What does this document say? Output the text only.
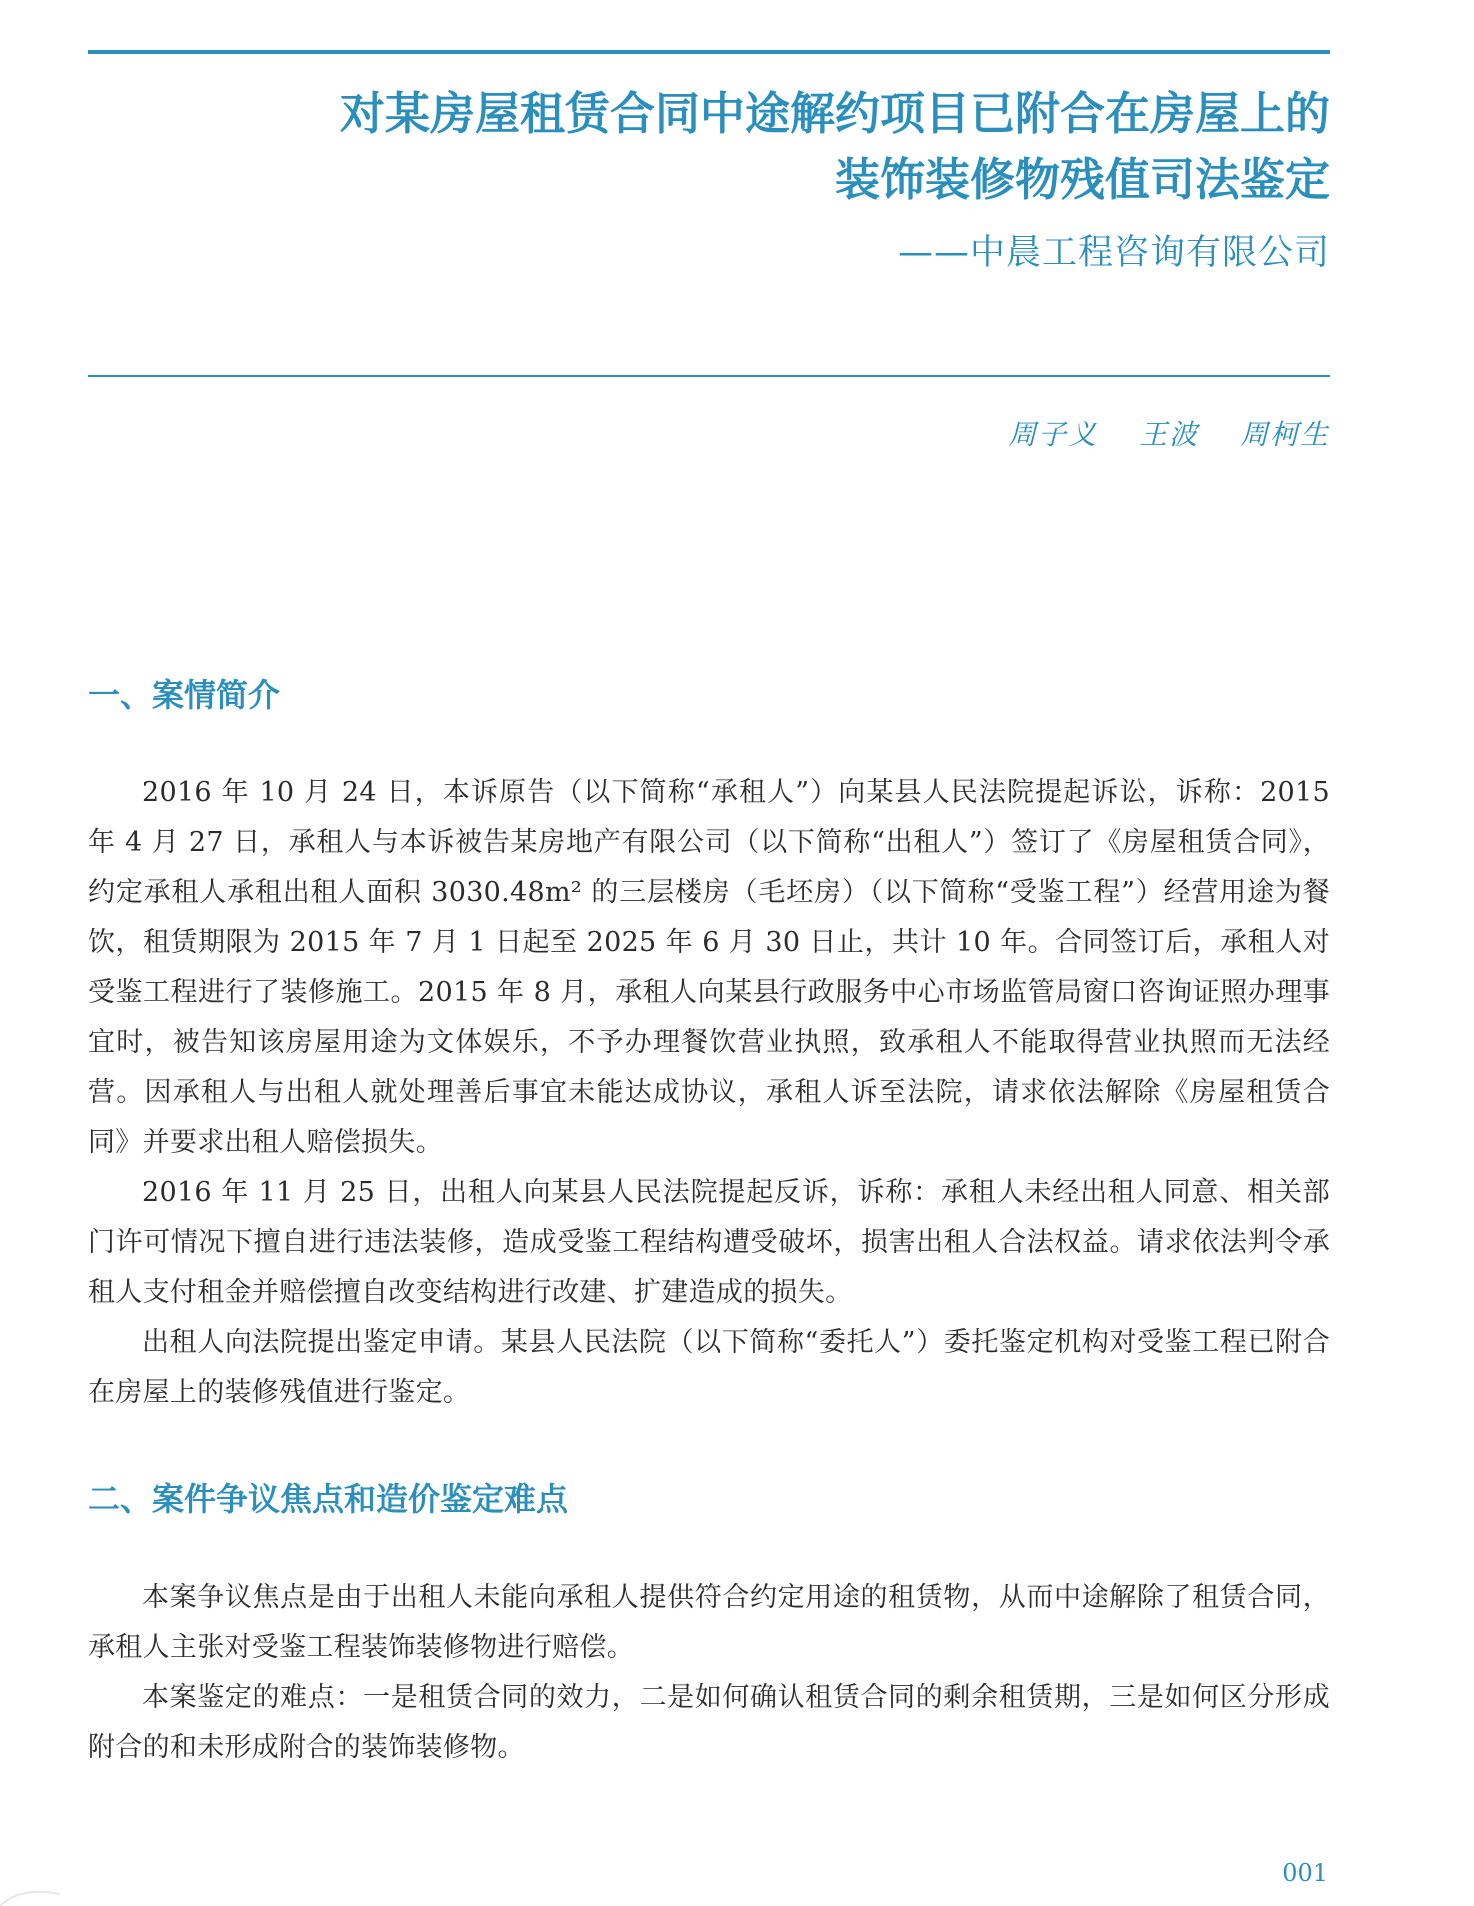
对某房屋租赁合同中途解约项目已附合在房屋上的
装饰装修物残值司法鉴定
——中晨工程咨询有限公司
周子义 王波 周柯生
一、案情简介

2016 年 10 月 24 日，本诉原告（以下简称“承租人”）向某县人民法院提起诉讼，诉称：2015 年 4 月 27 日，承租人与本诉被告某房地产有限公司（以下简称“出租人”）签订了《房屋租赁合同》，约定承租人承租出租人面积 3030.48m² 的三层楼房（毛坯房）（以下简称“受鉴工程”）经营用途为餐饮，租赁期限为 2015 年 7 月 1 日起至 2025 年 6 月 30 日止，共计 10 年。合同签订后，承租人对受鉴工程进行了装修施工。2015 年 8 月，承租人向某县行政服务中心市场监管局窗口咨询证照办理事宜时，被告知该房屋用途为文体娱乐，不予办理餐饮营业执照，致承租人不能取得营业执照而无法经营。因承租人与出租人就处理善后事宜未能达成协议，承租人诉至法院，请求依法解除《房屋租赁合同》并要求出租人赔偿损失。

2016 年 11 月 25 日，出租人向某县人民法院提起反诉，诉称：承租人未经出租人同意、相关部门许可情况下擅自进行违法装修，造成受鉴工程结构遭受破坏，损害出租人合法权益。请求依法判令承租人支付租金并赔偿擅自改变结构进行改建、扩建造成的损失。

出租人向法院提出鉴定申请。某县人民法院（以下简称“委托人”）委托鉴定机构对受鉴工程已附合在房屋上的装修残值进行鉴定。

二、案件争议焦点和造价鉴定难点

本案争议焦点是由于出租人未能向承租人提供符合约定用途的租赁物，从而中途解除了租赁合同，承租人主张对受鉴工程装饰装修物进行赔偿。

本案鉴定的难点：一是租赁合同的效力，二是如何确认租赁合同的剩余租赁期，三是如何区分形成附合的和未形成附合的装饰装修物。

001
